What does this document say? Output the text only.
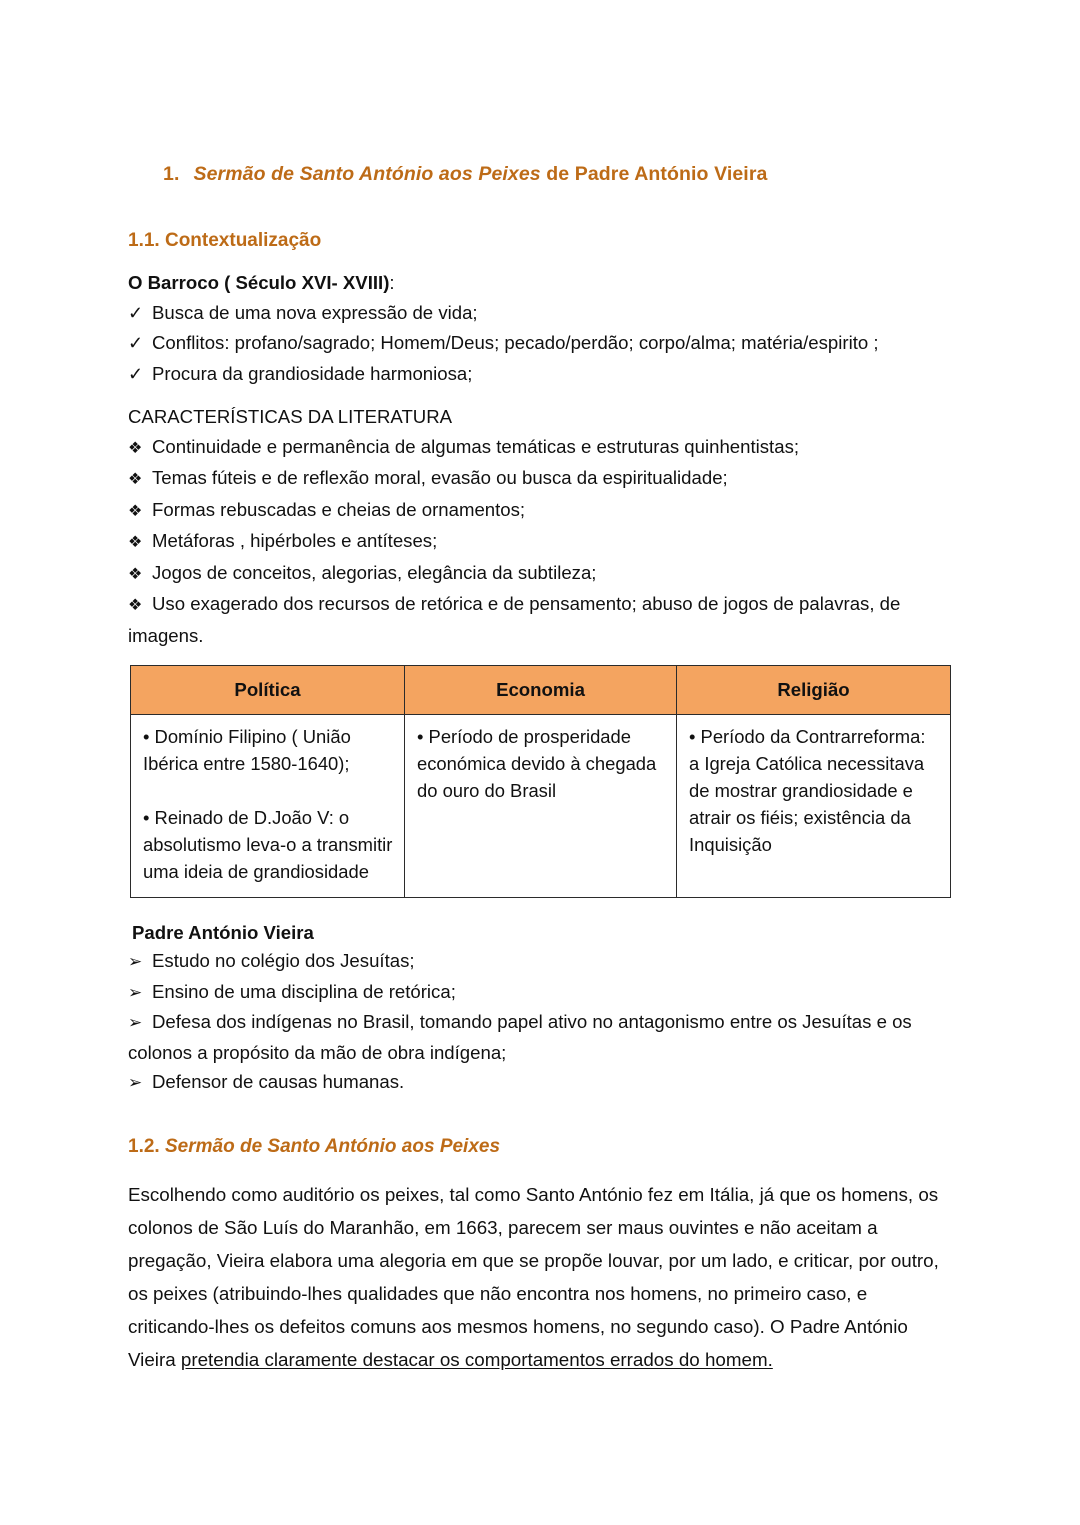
1. Sermão de Santo António aos Peixes de Padre António Vieira
1.1. Contextualização
O Barroco ( Século XVI- XVIII):
✓ Busca de uma nova expressão de vida;
✓ Conflitos: profano/sagrado; Homem/Deus; pecado/perdão; corpo/alma; matéria/espirito ;
✓ Procura da grandiosidade harmoniosa;
CARACTERÍSTICAS DA LITERATURA
❖ Continuidade e permanência de algumas temáticas e estruturas quinhentistas;
❖ Temas fúteis e de reflexão moral, evasão ou busca da espiritualidade;
❖ Formas rebuscadas e cheias de ornamentos;
❖ Metáforas , hipérboles e antíteses;
❖ Jogos de conceitos, alegorias, elegância da subtileza;
❖ Uso exagerado dos recursos de retórica e de pensamento; abuso de jogos de palavras, de imagens.
Política	Economia	Religião

• Domínio Filipino ( União Ibérica entre 1580-1640);
• Reinado de D.João V: o absolutismo leva-o a transmitir uma ideia de grandiosidade	• Período de prosperidade económica devido à chegada do ouro do Brasil	• Período da Contrarreforma: a Igreja Católica necessitava de mostrar grandiosidade e atrair os fiéis; existência da Inquisição
Padre António Vieira
➢ Estudo no colégio dos Jesuítas;
➢ Ensino de uma disciplina de retórica;
➢ Defesa dos indígenas no Brasil, tomando papel ativo no antagonismo entre os Jesuítas e os colonos a propósito da mão de obra indígena;
➢ Defensor de causas humanas.
1.2. Sermão de Santo António aos Peixes
Escolhendo como auditório os peixes, tal como Santo António fez em Itália, já que os homens, os colonos de São Luís do Maranhão, em 1663, parecem ser maus ouvintes e não aceitam a pregação, Vieira elabora uma alegoria em que se propõe louvar, por um lado, e criticar, por outro, os peixes (atribuindo-lhes qualidades que não encontra nos homens, no primeiro caso, e criticando-lhes os defeitos comuns aos mesmos homens, no segundo caso). O Padre António Vieira pretendia claramente destacar os comportamentos errados do homem.
